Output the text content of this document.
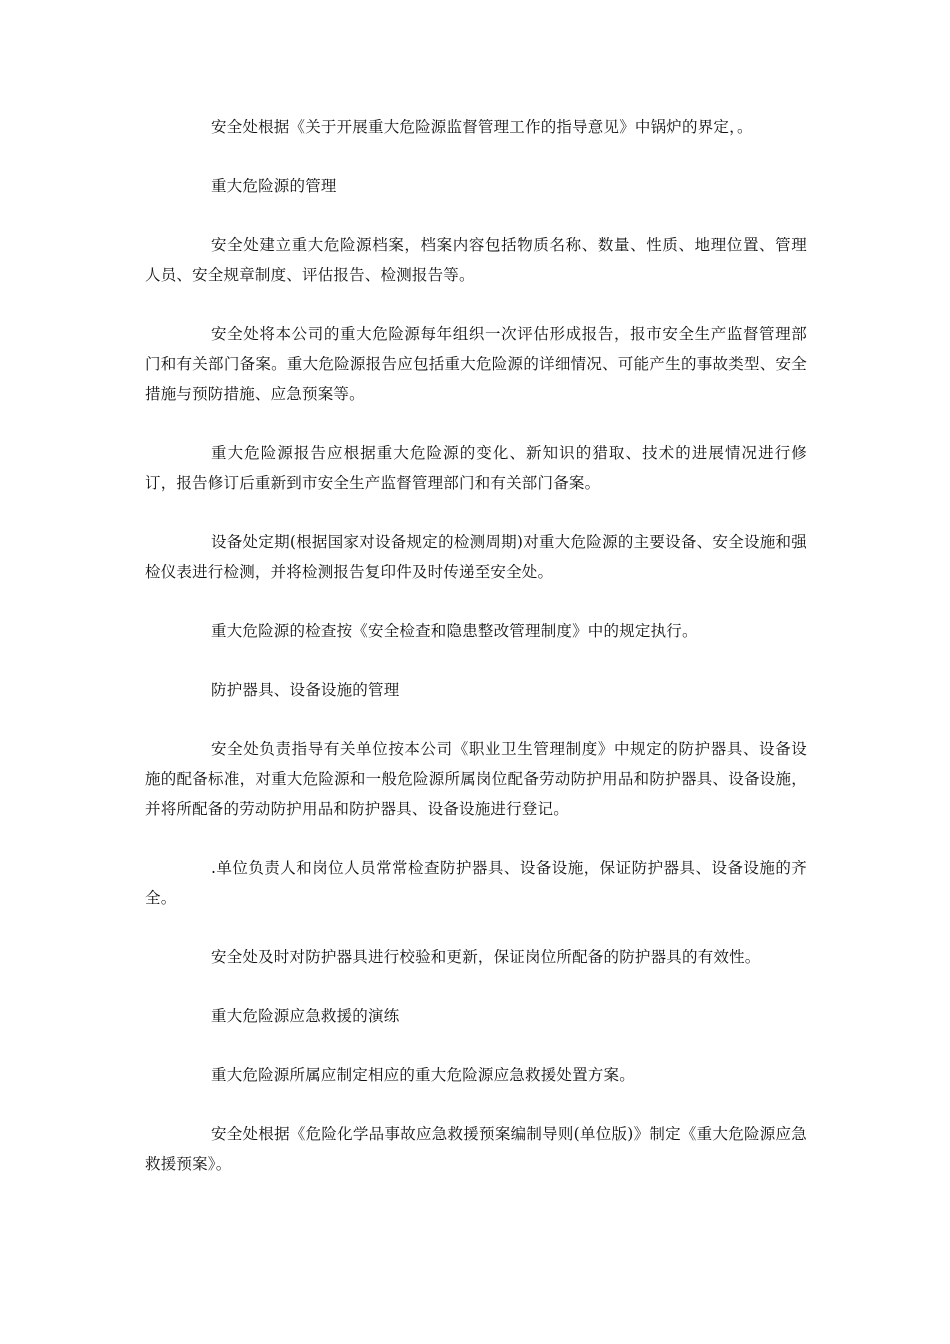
安全处根据《关于开展重大危险源监督管理工作的指导意见》中锅炉的界定，。

重大危险源的管理

安全处建立重大危险源档案，档案内容包括物质名称、数量、性质、地理位置、管理人员、安全规章制度、评估报告、检测报告等。

安全处将本公司的重大危险源每年组织一次评估形成报告，报市安全生产监督管理部门和有关部门备案。重大危险源报告应包括重大危险源的详细情况、可能产生的事故类型、安全措施与预防措施、应急预案等。

重大危险源报告应根据重大危险源的变化、新知识的猎取、技术的进展情况进行修订，报告修订后重新到市安全生产监督管理部门和有关部门备案。

设备处定期(根据国家对设备规定的检测周期)对重大危险源的主要设备、安全设施和强检仪表进行检测，并将检测报告复印件及时传递至安全处。

重大危险源的检查按《安全检查和隐患整改管理制度》中的规定执行。

防护器具、设备设施的管理

安全处负责指导有关单位按本公司《职业卫生管理制度》中规定的防护器具、设备设施的配备标准，对重大危险源和一般危险源所属岗位配备劳动防护用品和防护器具、设备设施，并将所配备的劳动防护用品和防护器具、设备设施进行登记。

.单位负责人和岗位人员常常检查防护器具、设备设施，保证防护器具、设备设施的齐全。

安全处及时对防护器具进行校验和更新，保证岗位所配备的防护器具的有效性。

重大危险源应急救援的演练

重大危险源所属应制定相应的重大危险源应急救援处置方案。

安全处根据《危险化学品事故应急救援预案编制导则(单位版)》制定《重大危险源应急救援预案》。
